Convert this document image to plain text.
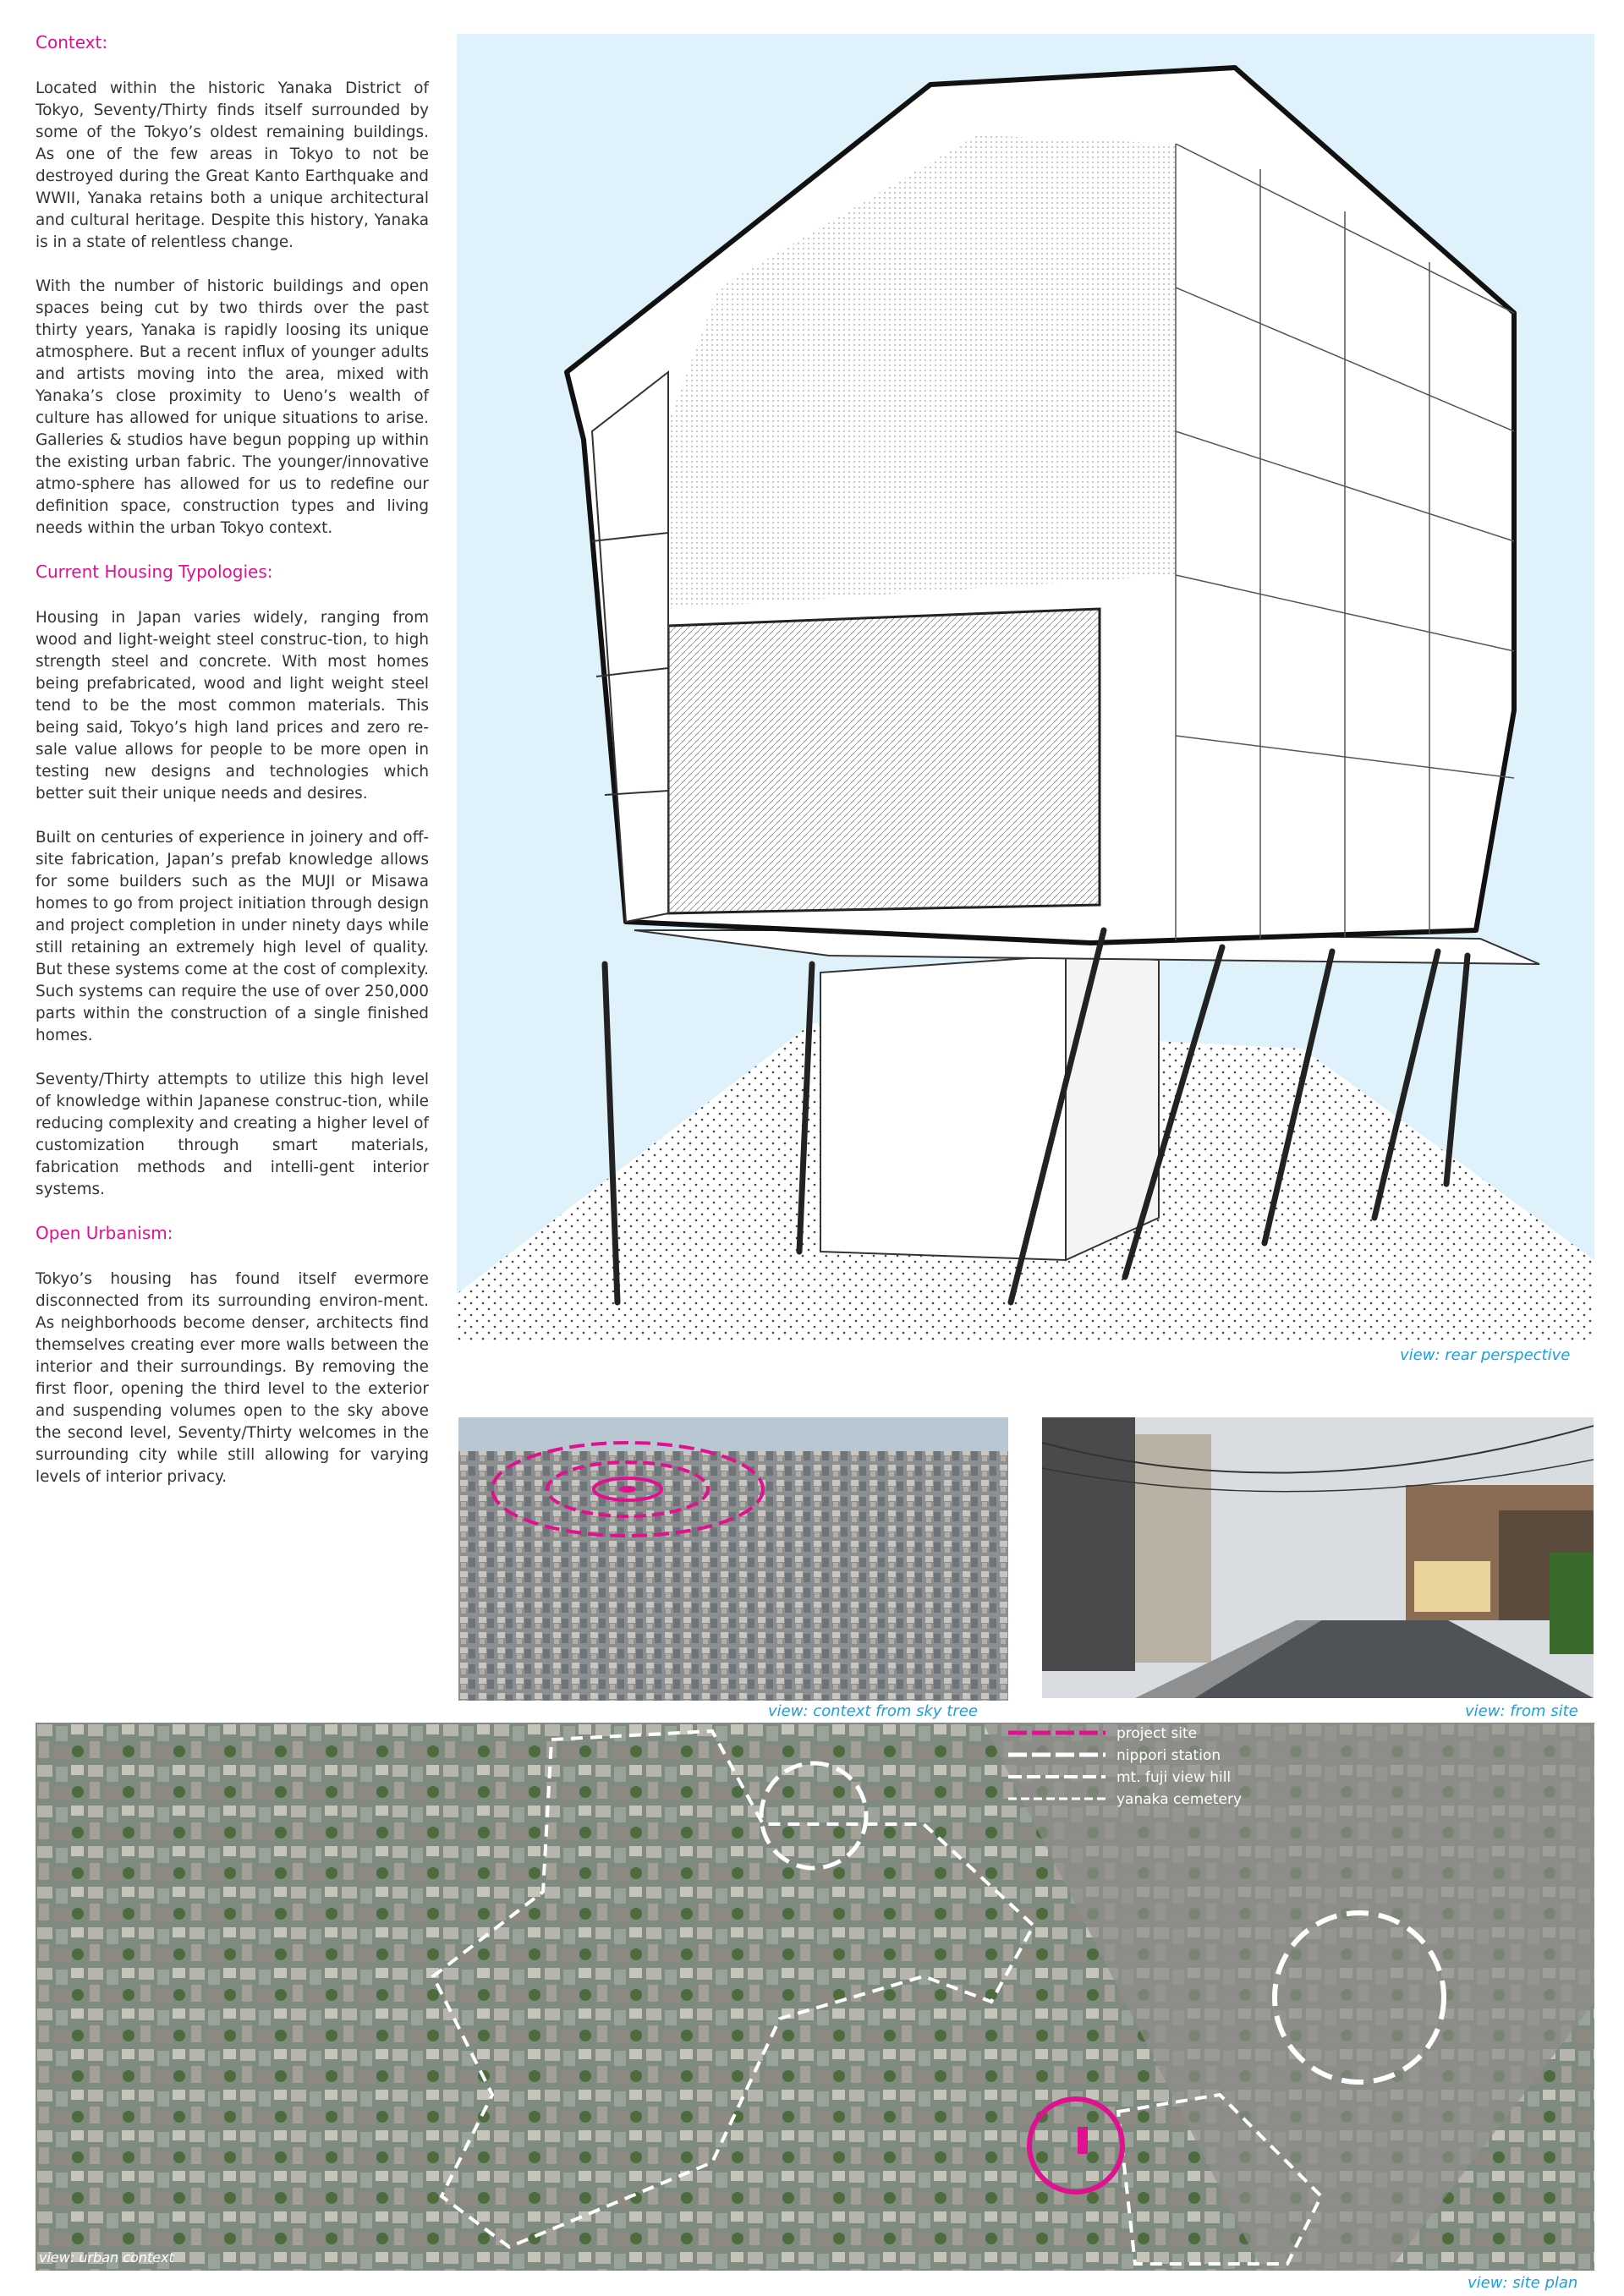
Context:

Located within the historic Yanaka District of Tokyo, Seventy/Thirty finds itself surrounded by some of the Tokyo’s oldest remaining buildings. As one of the few areas in Tokyo to not be destroyed during the Great Kanto Earthquake and WWII, Yanaka retains both a unique architectural and cultural heritage. Despite this history, Yanaka is in a state of relentless change.

With the number of historic buildings and open spaces being cut by two thirds over the past thirty years, Yanaka is rapidly loosing its unique atmosphere. But a recent influx of younger adults and artists moving into the area, mixed with Yanaka’s close proximity to Ueno’s wealth of culture has allowed for unique situations to arise. Galleries & studios have begun popping up within the existing urban fabric. The younger/innovative atmo-sphere has allowed for us to redefine our definition space, construction types and living needs within the urban Tokyo context.

Current Housing Typologies:

Housing in Japan varies widely, ranging from wood and light-weight steel construc-tion, to high strength steel and concrete. With most homes being prefabricated, wood and light weight steel tend to be the most common materials. This being said, Tokyo’s high land prices and zero re-sale value allows for people to be more open in testing new designs and technologies which better suit their unique needs and desires.

Built on centuries of experience in joinery and off-site fabrication, Japan’s prefab knowledge allows for some builders such as the MUJI or Misawa homes to go from project initiation through design and project completion in under ninety days while still retaining an extremely high level of quality. But these systems come at the cost of complexity. Such systems can require the use of over 250,000 parts within the construction of a single finished homes.

Seventy/Thirty attempts to utilize this high level of knowledge within Japanese construc-tion, while reducing complexity and creating a higher level of customization through smart materials, fabrication methods and intelli-gent interior systems.

Open Urbanism:

Tokyo’s housing has found itself evermore disconnected from its surrounding environ-ment. As neighborhoods become denser, architects find themselves creating ever more walls between the interior and their surroundings. By removing the first floor, opening the third level to the exterior and suspending volumes open to the sky above the second level, Seventy/Thirty welcomes in the surrounding city while still allowing for varying levels of interior privacy.

view: rear perspective
view: context from sky tree	view: from site
project site
nippori station
mt. fuji view hill
yanaka cemetery
view: urban context
view: site plan
